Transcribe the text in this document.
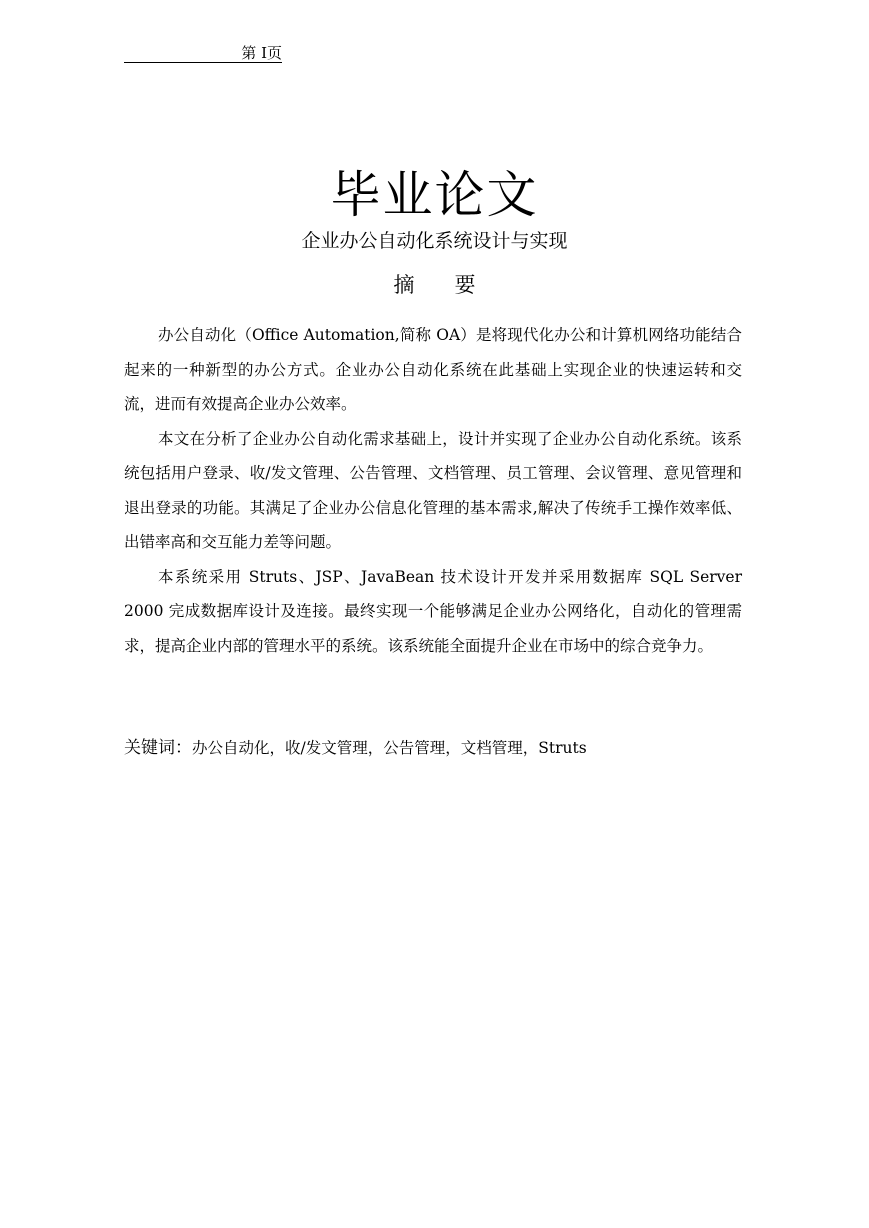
第 I页
毕业论文
企业办公自动化系统设计与实现
摘要

办公自动化（Office Automation,简称 OA）是将现代化办公和计算机网络功能结合起来的一种新型的办公方式。企业办公自动化系统在此基础上实现企业的快速运转和交流，进而有效提高企业办公效率。

本文在分析了企业办公自动化需求基础上，设计并实现了企业办公自动化系统。该系统包括用户登录、收/发文管理、公告管理、文档管理、员工管理、会议管理、意见管理和退出登录的功能。其满足了企业办公信息化管理的基本需求,解决了传统手工操作效率低、出错率高和交互能力差等问题。

本系统采用 Struts、JSP、JavaBean 技术设计开发并采用数据库 SQL Server 2000 完成数据库设计及连接。最终实现一个能够满足企业办公网络化，自动化的管理需求，提高企业内部的管理水平的系统。该系统能全面提升企业在市场中的综合竞争力。

关键词：办公自动化，收/发文管理，公告管理，文档管理，Struts
